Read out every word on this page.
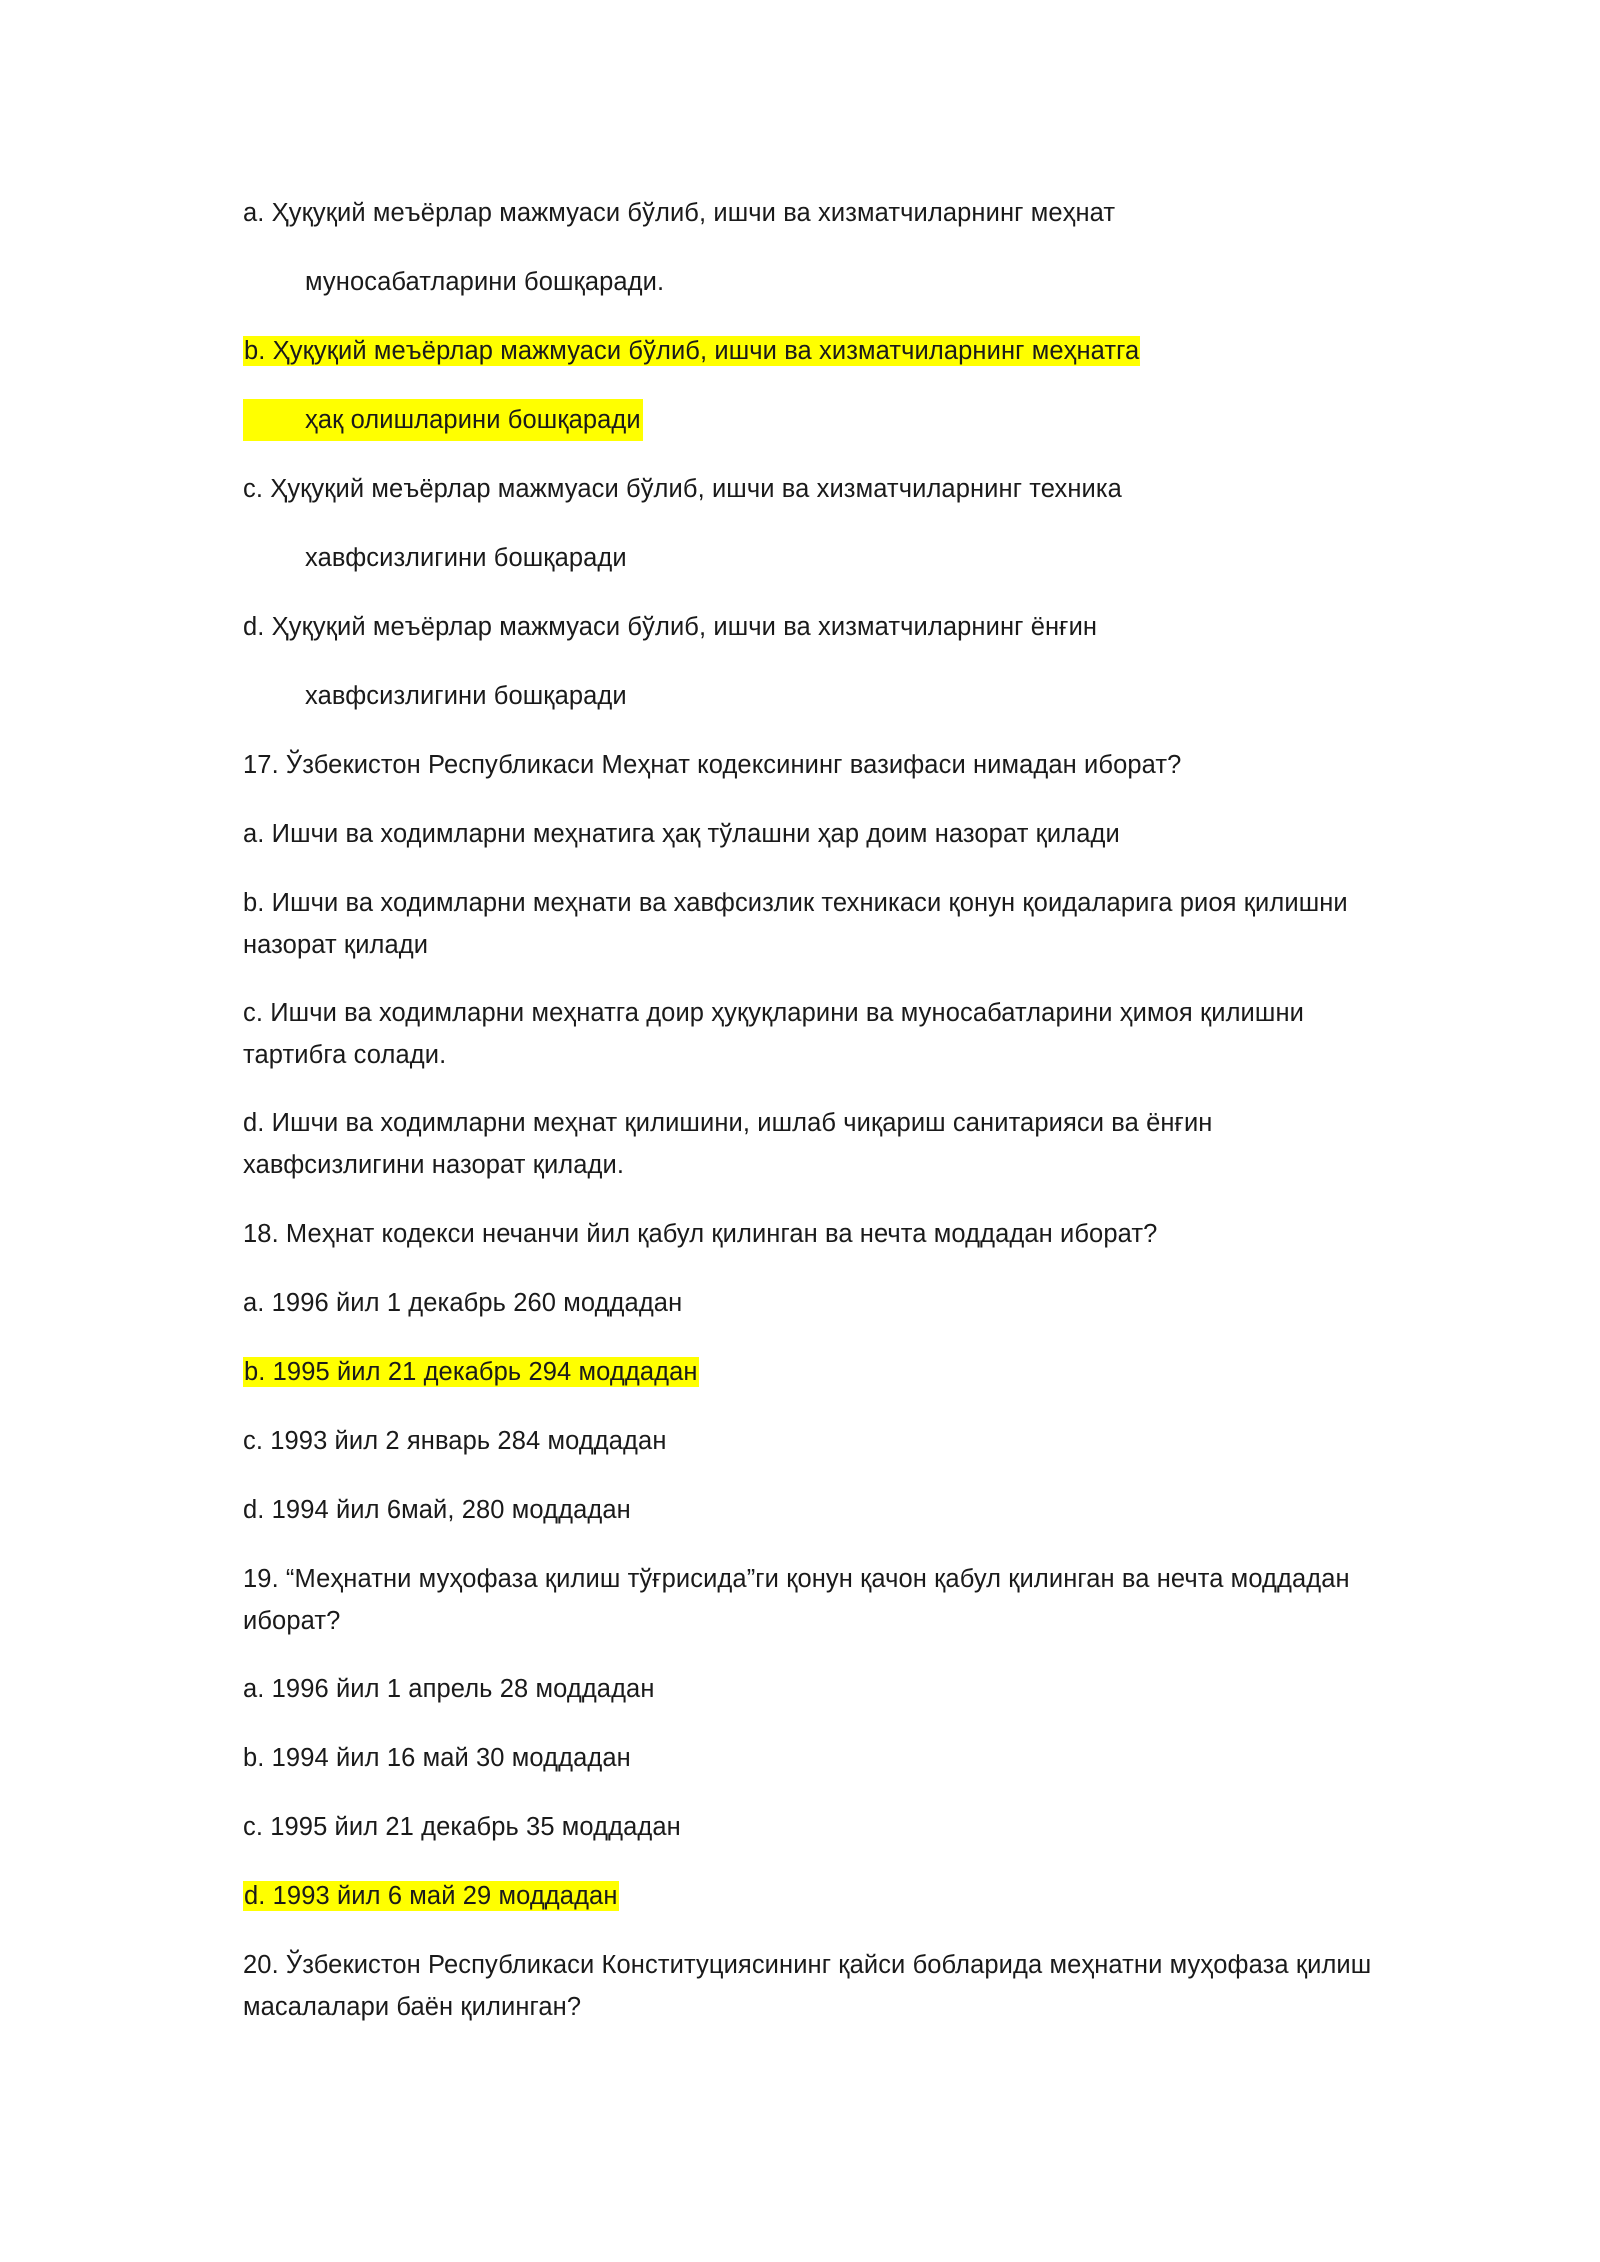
a. Ҳуқуқий меъёрлар мажмуаси бўлиб, ишчи ва хизматчиларнинг меҳнат

муносабатларини бошқаради.

b. Ҳуқуқий меъёрлар мажмуаси бўлиб, ишчи ва хизматчиларнинг меҳнатга

ҳақ олишларини бошқаради

c. Ҳуқуқий меъёрлар мажмуаси бўлиб, ишчи ва хизматчиларнинг техника

хавфсизлигини бошқаради

d. Ҳуқуқий меъёрлар мажмуаси бўлиб, ишчи ва хизматчиларнинг ёнғин

хавфсизлигини бошқаради

17. Ўзбекистон Республикаси Меҳнат кодексининг вазифаси нимадан иборат?

a. Ишчи ва ходимларни меҳнатига ҳақ тўлашни ҳар доим назорат қилади

b. Ишчи ва ходимларни меҳнати ва хавфсизлик техникаси қонун қоидаларига риоя қилишни назорат қилади

c. Ишчи ва ходимларни меҳнатга доир ҳуқуқларини ва муносабатларини ҳимоя қилишни тартибга солади.

d. Ишчи ва ходимларни меҳнат қилишини, ишлаб чиқариш санитарияси ва ёнғин хавфсизлигини назорат қилади.

18. Меҳнат кодекси нечанчи йил қабул қилинган ва нечта моддадан иборат?

a. 1996 йил 1 декабрь 260 моддадан

b. 1995 йил 21 декабрь 294 моддадан

c. 1993 йил 2 январь 284 моддадан

d. 1994 йил 6май, 280 моддадан

19. “Меҳнатни муҳофаза қилиш тўғрисида”ги қонун қачон қабул қилинган ва нечта моддадан иборат?

a. 1996 йил 1 апрель 28 моддадан

b. 1994 йил 16 май 30 моддадан

c. 1995 йил 21 декабрь 35 моддадан

d. 1993 йил 6 май 29 моддадан

20. Ўзбекистон Республикаси Конституциясининг қайси бобларида меҳнатни муҳофаза қилиш масалалари баён қилинган?
